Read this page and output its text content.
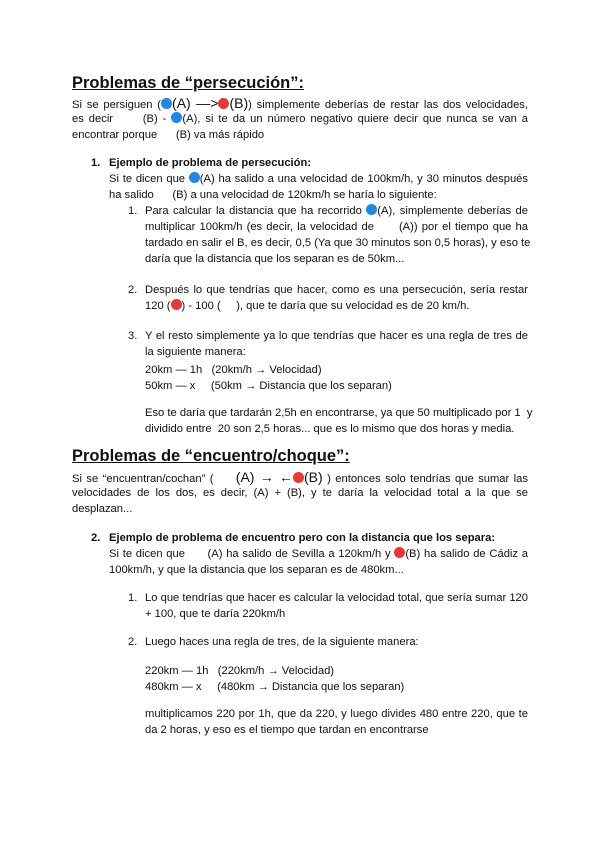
Problemas de “persecución”:
Si se persiguen ( (A) —> (B)) simplemente deberías de restar las dos velocidades,
es decir      (B) - (A), si te da un número negativo quiere decir que nunca se van a
encontrar porque      (B) va más rápido
1. Ejemplo de problema de persecución:
Si te dicen que (A) ha salido a una velocidad de 100km/h, y 30 minutos después
ha salido      (B) a una velocidad de 120km/h se haría lo siguiente:
1. Para calcular la distancia que ha recorrido (A), simplemente deberías de
multiplicar 100km/h (es decir, la velocidad de      (A)) por el tiempo que ha
tardado en salir el B, es decir, 0,5 (Ya que 30 minutos son 0,5 horas), y eso te
daría que la distancia que los separan es de 50km...
2. Después lo que tendrías que hacer, como es una persecución, sería restar
120 ( ) - 100 (     ), que te daría que su velocidad es de 20 km/h.
3. Y el resto simplemente ya lo que tendrías que hacer es una regla de tres de
la siguiente manera:
20km — 1h   (20km/h → Velocidad)
50km — x     (50km → Distancia que los separan)
Eso te daría que tardarán 2,5h en encontrarse, ya que 50 multiplicado por 1  y
dividido entre  20 son 2,5 horas... que es lo mismo que dos horas y media.
Problemas de “encuentro/choque”:
Si se “encuentran/cochan” (     (A) → ← (B) ) entonces solo tendrías que sumar las
velocidades de los dos, es decir, (A) + (B), y te daría la velocidad total a la que se
desplazan...
2. Ejemplo de problema de encuentro pero con la distancia que los separa:
Si te dicen que      (A) ha salido de Sevilla a 120km/h y (B) ha salido de Cádiz a
100km/h, y que la distancia que los separan es de 480km...
1. Lo que tendrías que hacer es calcular la velocidad total, que sería sumar 120
+ 100, que te daría 220km/h
2. Luego haces una regla de tres, de la siguiente manera:
220km — 1h   (220km/h → Velocidad)
480km — x     (480km → Distancia que los separan)
multiplicamos 220 por 1h, que da 220, y luego divides 480 entre 220, que te
da 2 horas, y eso es el tiempo que tardan en encontrarse
